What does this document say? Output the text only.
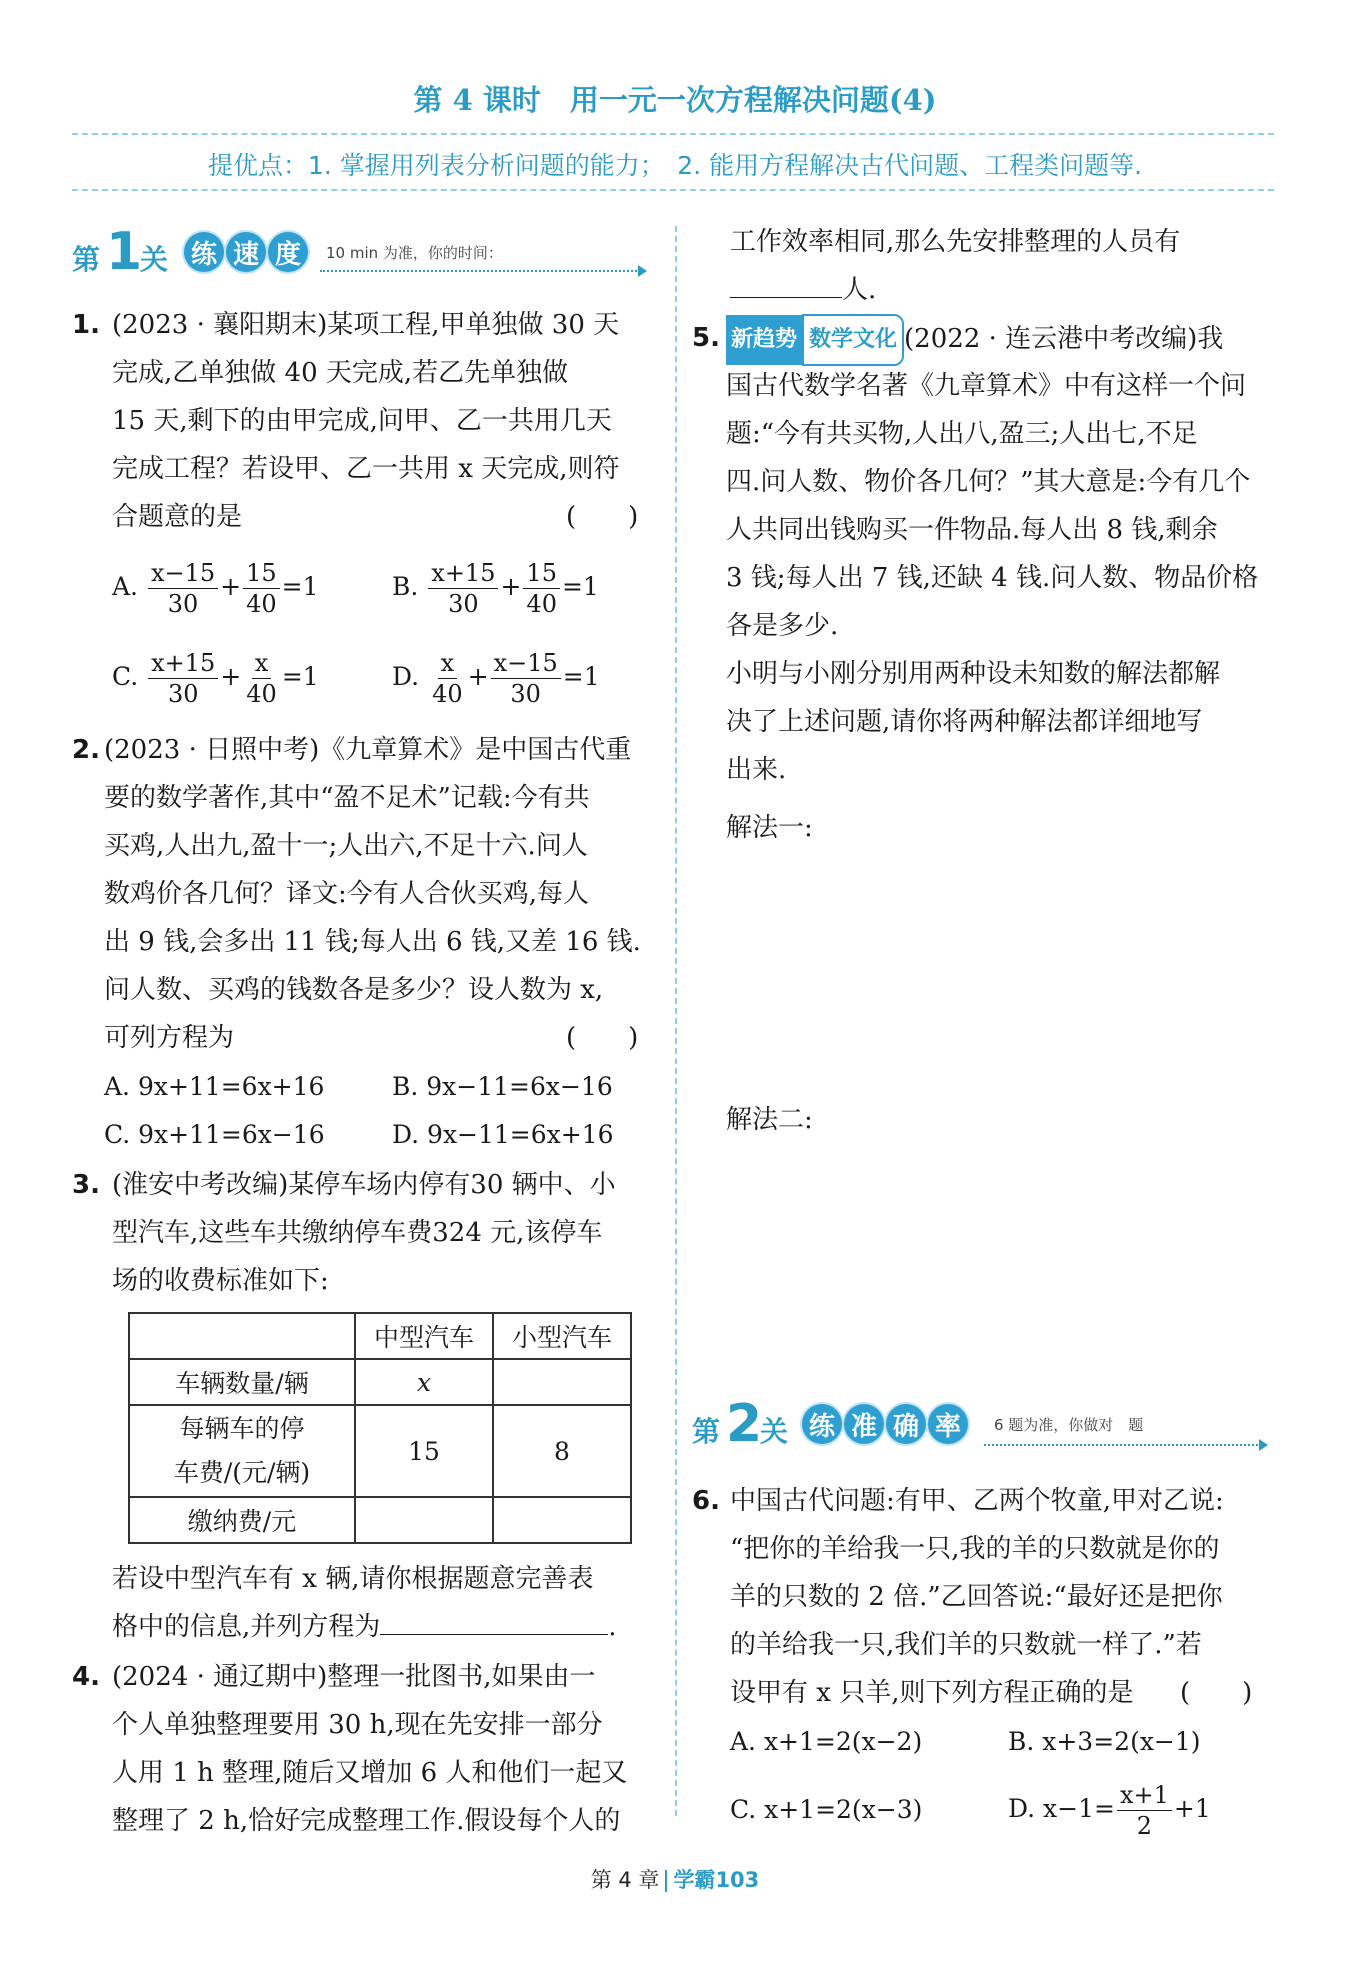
第 4 课时　用一元一次方程解决问题(4)
提优点：1. 掌握用列表分析问题的能力；　2. 能用方程解决古代问题、工程类问题等.
第 1
关 练 速 度	10 min 为准，你的时间：
1. (2023 · 襄阳期末)某项工程,甲单独做 30 天
完成,乙单独做 40 天完成,若乙先单独做
15 天,剩下的由甲完成,问甲、乙一共用几天
完成工程？若设甲、乙一共用 x 天完成,则符
合题意的是	(　　)
A. $\frac{x-15}{30} + \frac{15}{40} =1$	B. $\frac{x+15}{30} + \frac{15}{40} =1$
C. $\frac{x+15}{30} + \frac{x}{40} =1$	D. $\frac{x}{40} + \frac{x-15}{30} =1$
2. (2023 · 日照中考)《九章算术》是中国古代重
要的数学著作,其中“盈不足术”记载:今有共
买鸡,人出九,盈十一;人出六,不足十六.问人
数鸡价各几何？译文:今有人合伙买鸡,每人
出 9 钱,会多出 11 钱;每人出 6 钱,又差 16 钱.
问人数、买鸡的钱数各是多少？设人数为 x,
可列方程为	(　　)
A. 9x+11=6x+16	B. 9x−11=6x−16
C. 9x+11=6x−16	D. 9x−11=6x+16
3. (淮安中考改编)某停车场内停有30 辆中、小
型汽车,这些车共缴纳停车费324 元,该停车
场的收费标准如下:
	中型汽车	小型汽车
车辆数量/辆	x	

每辆车的停
车费/(元/辆)	15	8
缴纳费/元		
若设中型汽车有 x 辆,请你根据题意完善表
格中的信息,并列方程为	.
4. (2024 · 通辽期中)整理一批图书,如果由一
个人单独整理要用 30 h,现在先安排一部分
人用 1 h 整理,随后又增加 6 人和他们一起又
整理了 2 h,恰好完成整理工作.假设每个人的
工作效率相同,那么先安排整理的人员有
人.
5. 新趋势 数学文化 (2022 · 连云港中考改编)我
国古代数学名著《九章算术》中有这样一个问
题:“今有共买物,人出八,盈三;人出七,不足
四.问人数、物价各几何？”其大意是:今有几个
人共同出钱购买一件物品.每人出 8 钱,剩余
3 钱;每人出 7 钱,还缺 4 钱.问人数、物品价格
各是多少.
小明与小刚分别用两种设未知数的解法都解
决了上述问题,请你将两种解法都详细地写
出来.
解法一:
解法二:
第 2
关 练 准 确 率	6 题为准，你做对　题
6. 中国古代问题:有甲、乙两个牧童,甲对乙说:
“把你的羊给我一只,我的羊的只数就是你的
羊的只数的 2 倍.”乙回答说:“最好还是把你
的羊给我一只,我们羊的只数就一样了.”若
设甲有 x 只羊,则下列方程正确的是 (　　)
A. x+1=2(x−2)	B. x+3=2(x−1)
C. x+1=2(x−3)	D. $x-1= \frac{x+1}{2} +1$
第 4 章 学霸103
